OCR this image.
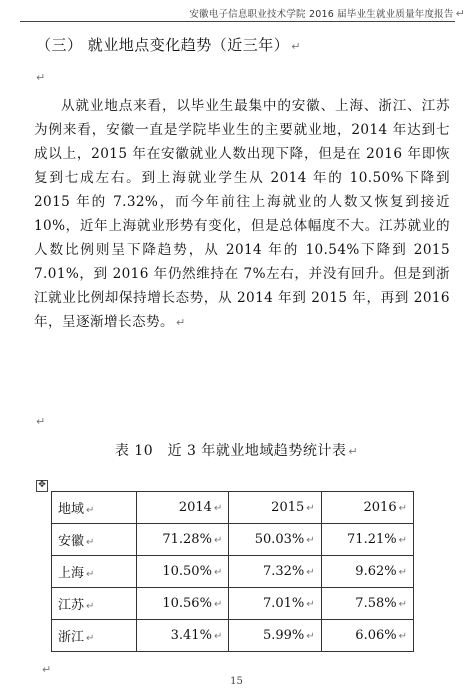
安徽电子信息职业技术学院 2016 届毕业生就业质量年度报告 ↵
（三） 就业地点变化趋势（近三年） ↵
↵
从就业地点来看，以毕业生最集中的安徽、上海、浙江、江苏为例来看，安徽一直是学院毕业生的主要就业地，2014 年达到七成以上，2015 年在安徽就业人数出现下降，但是在 2016 年即恢复到七成左右。到上海就业学生从 2014 年的 10.50%下降到 2015 年的 7.32%，而今年前往上海就业的人数又恢复到接近 10%，近年上海就业形势有变化，但是总体幅度不大。江苏就业的人数比例则呈下降趋势，从 2014 年的 10.54%下降到 2015 7.01%，到 2016 年仍然维持在 7%左右，并没有回升。但是到浙江就业比例却保持增长态势，从 2014 年到 2015 年，再到 2016 年，呈逐渐增长态势。 ↵
↵
表 10　近 3 年就业地域趋势统计表 ↵
✥
地域 ↵	2014 ↵	2015 ↵	2016 ↵
安徽 ↵	71.28% ↵	50.03% ↵	71.21% ↵
上海 ↵	10.50% ↵	7.32% ↵	9.62% ↵
江苏 ↵	10.56% ↵	7.01% ↵	7.58% ↵
浙江 ↵	3.41% ↵	5.99% ↵	6.06% ↵
↵
15
